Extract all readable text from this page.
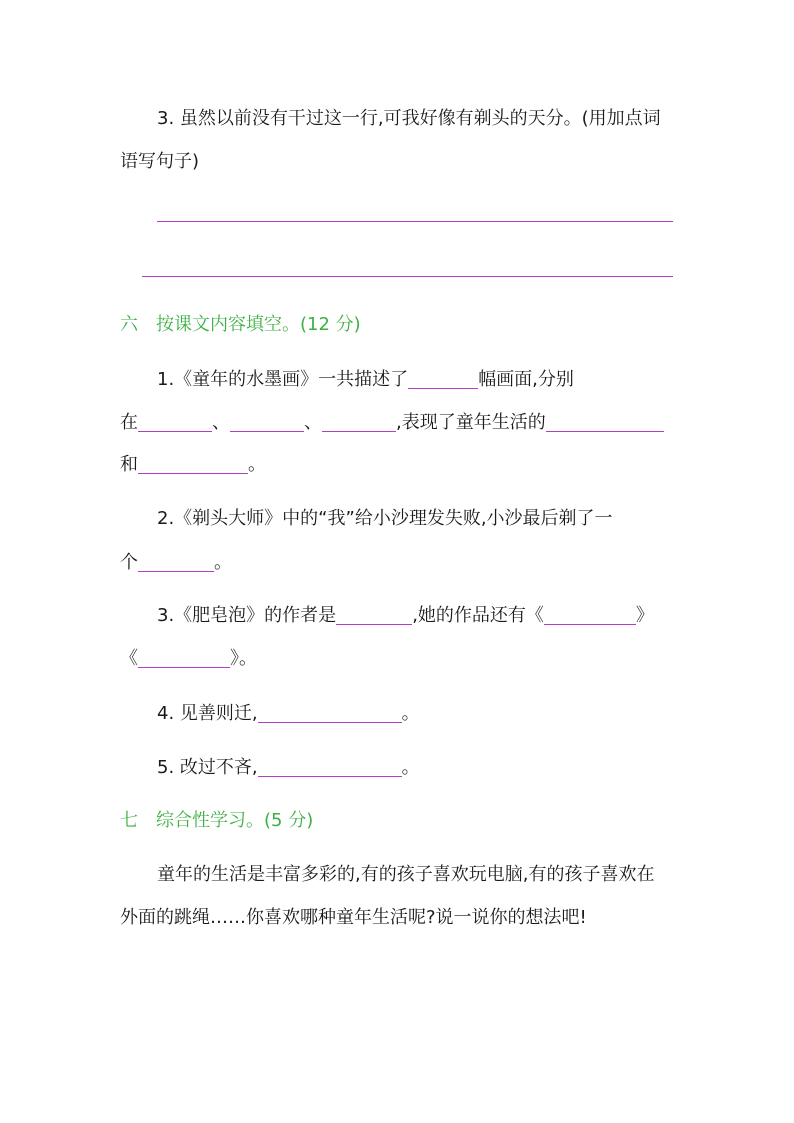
3. 虽然以前没有干过这一行,可我好像有剃头的天分。(用加点词
语写句子)
六　按课文内容填空。(12 分)
1.《童年的水墨画》一共描述了	幅画面,分别
在	、	、	,表现了童年生活的
和	。
2.《剃头大师》中的“我”给小沙理发失败,小沙最后剃了一
个	。
3.《肥皂泡》的作者是	,她的作品还有《	》
《	》。
4. 见善则迁,	。
5. 改过不吝,	。
七　综合性学习。(5 分)
童年的生活是丰富多彩的,有的孩子喜欢玩电脑,有的孩子喜欢在
外面的跳绳……你喜欢哪种童年生活呢?说一说你的想法吧!
